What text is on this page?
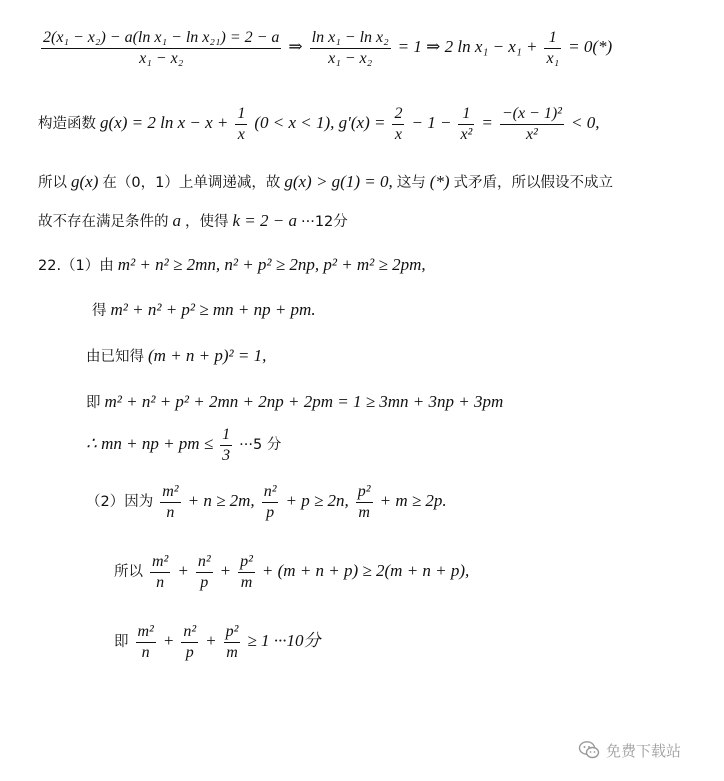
$\frac{\text{2(x₁ − x₂) − a(ln x₁ − ln x₂₁) = 2 − a}}{\text{x₁ − x₂}}$ ⇒ $\frac{\text{ln x₁ − ln x₂}}{\text{x₁ − x₂}} = 1$ ⇒ 2 $\ln x_1 - x_1 + \frac{1}{\text{x₁}} = 0(*)$
构造函数 g(x) = 2 $\ln x - x + \frac{1}{x} (0 < x < 1)$, $g'(x) = \frac{2}{x} - 1 - \frac{1}{\text{x²}} = \frac{\text{−(x − 1)²}}{\text{x²}} < 0$,
所以 g(x) 在（0，1）上单调递减，故 g(x) > g(1) = 0, 这与 (*) 式矛盾，所以假设不成立
故不存在满足条件的 a ，使得 k = 2 − a ···12分
22.（1）由 m² + n² ≥ 2mn, n² + p² ≥ 2np, p² + m² ≥ 2pm,
得 m² + n² + p² ≥ mn + np + pm.
由已知得 (m + n + p)² = 1,
即 m² + n² + p² + 2mn + 2np + 2pm = 1 ≥ 3mn + 3np + 3pm
∴ mn + np + pm ≤ $\frac{1}{3} \cdot\cdot\cdot 5$ 分
（2）因为 $\frac{\text{m²}}{n} + n \ge 2m$, $\frac{\text{n²}}{p} + p \ge 2n$, $\frac{\text{p²}}{m} + m \ge 2p$.
所以 $\frac{\text{m²}}{n} + \frac{\text{n²}}{p} + \frac{\text{p²}}{m} + (m + n + p) \ge 2(m + n + p)$,
即 $\frac{\text{m²}}{n} + \frac{\text{n²}}{p} + \frac{\text{p²}}{m} \ge 1 \cdot\cdot\cdot 10$分
免费下载站
